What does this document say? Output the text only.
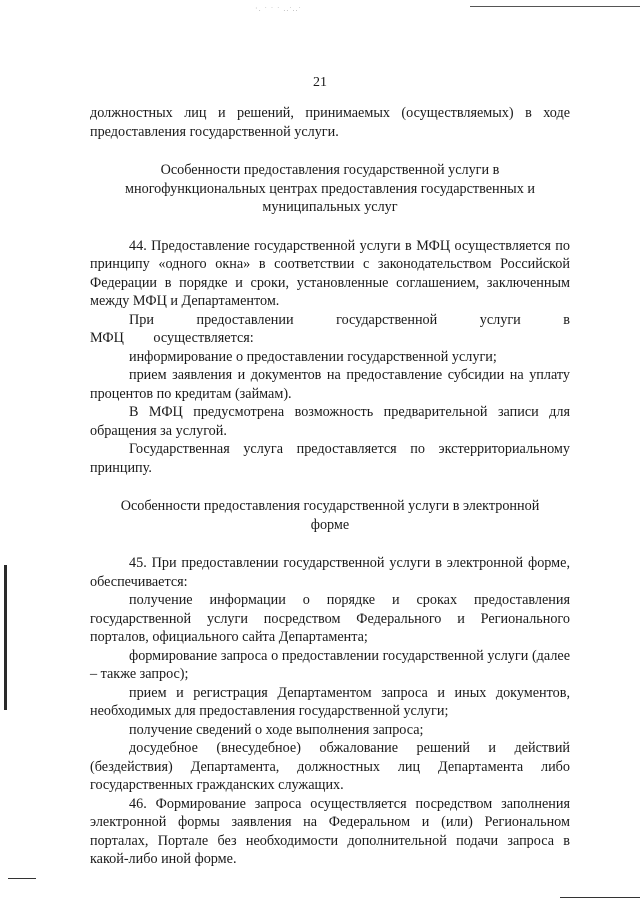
·. ˑ ˑ ˑ ..ˑ..ˑ
21

должностных лиц и решений, принимаемых (осуществляемых) в ходе предоставления государственной услуги.

Особенности предоставления государственной услуги в многофункциональных центрах предоставления государственных и муниципальных услуг

44. Предоставление государственной услуги в МФЦ осуществляется по принципу «одного окна» в соответствии с законодательством Российской Федерации в порядке и сроки, установленные соглашением, заключенным между МФЦ и Департаментом.

При предоставлении государственной услуги в МФЦ осуществляется:

информирование о предоставлении государственной услуги;

прием заявления и документов на предоставление субсидии на уплату процентов по кредитам (займам).

В МФЦ предусмотрена возможность предварительной записи для обращения за услугой.

Государственная услуга предоставляется по экстерриториальному принципу.

Особенности предоставления государственной услуги в электронной форме

45. При предоставлении государственной услуги в электронной форме, обеспечивается:

получение информации о порядке и сроках предоставления государственной услуги посредством Федерального и Регионального порталов, официального сайта Департамента;

формирование запроса о предоставлении государственной услуги (далее – также запрос);

прием и регистрация Департаментом запроса и иных документов, необходимых для предоставления государственной услуги;

получение сведений о ходе выполнения запроса;

досудебное (внесудебное) обжалование решений и действий (бездействия) Департамента, должностных лиц Департамента либо государственных гражданских служащих.

46. Формирование запроса осуществляется посредством заполнения электронной формы заявления на Федеральном и (или) Региональном порталах, Портале без необходимости дополнительной подачи запроса в какой-либо иной форме.
